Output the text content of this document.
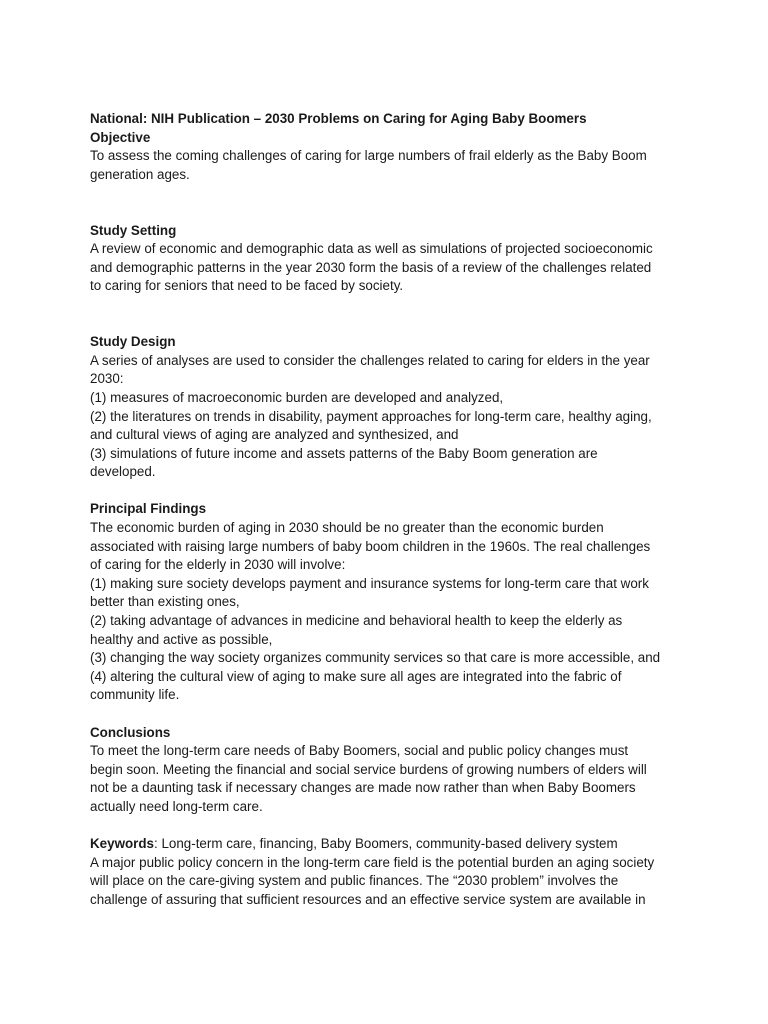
National: NIH Publication – 2030 Problems on Caring for Aging Baby Boomers
Objective
To assess the coming challenges of caring for large numbers of frail elderly as the Baby Boom
generation ages.
Study Setting
A review of economic and demographic data as well as simulations of projected socioeconomic
and demographic patterns in the year 2030 form the basis of a review of the challenges related
to caring for seniors that need to be faced by society.
Study Design
A series of analyses are used to consider the challenges related to caring for elders in the year
2030:
(1) measures of macroeconomic burden are developed and analyzed,
(2) the literatures on trends in disability, payment approaches for long-term care, healthy aging,
and cultural views of aging are analyzed and synthesized, and
(3) simulations of future income and assets patterns of the Baby Boom generation are
developed.
Principal Findings
The economic burden of aging in 2030 should be no greater than the economic burden
associated with raising large numbers of baby boom children in the 1960s. The real challenges
of caring for the elderly in 2030 will involve:
(1) making sure society develops payment and insurance systems for long-term care that work
better than existing ones,
(2) taking advantage of advances in medicine and behavioral health to keep the elderly as
healthy and active as possible,
(3) changing the way society organizes community services so that care is more accessible, and
(4) altering the cultural view of aging to make sure all ages are integrated into the fabric of
community life.
Conclusions
To meet the long-term care needs of Baby Boomers, social and public policy changes must
begin soon. Meeting the financial and social service burdens of growing numbers of elders will
not be a daunting task if necessary changes are made now rather than when Baby Boomers
actually need long-term care.
Keywords: Long-term care, financing, Baby Boomers, community-based delivery system
A major public policy concern in the long-term care field is the potential burden an aging society
will place on the care-giving system and public finances. The “2030 problem” involves the
challenge of assuring that sufficient resources and an effective service system are available in
